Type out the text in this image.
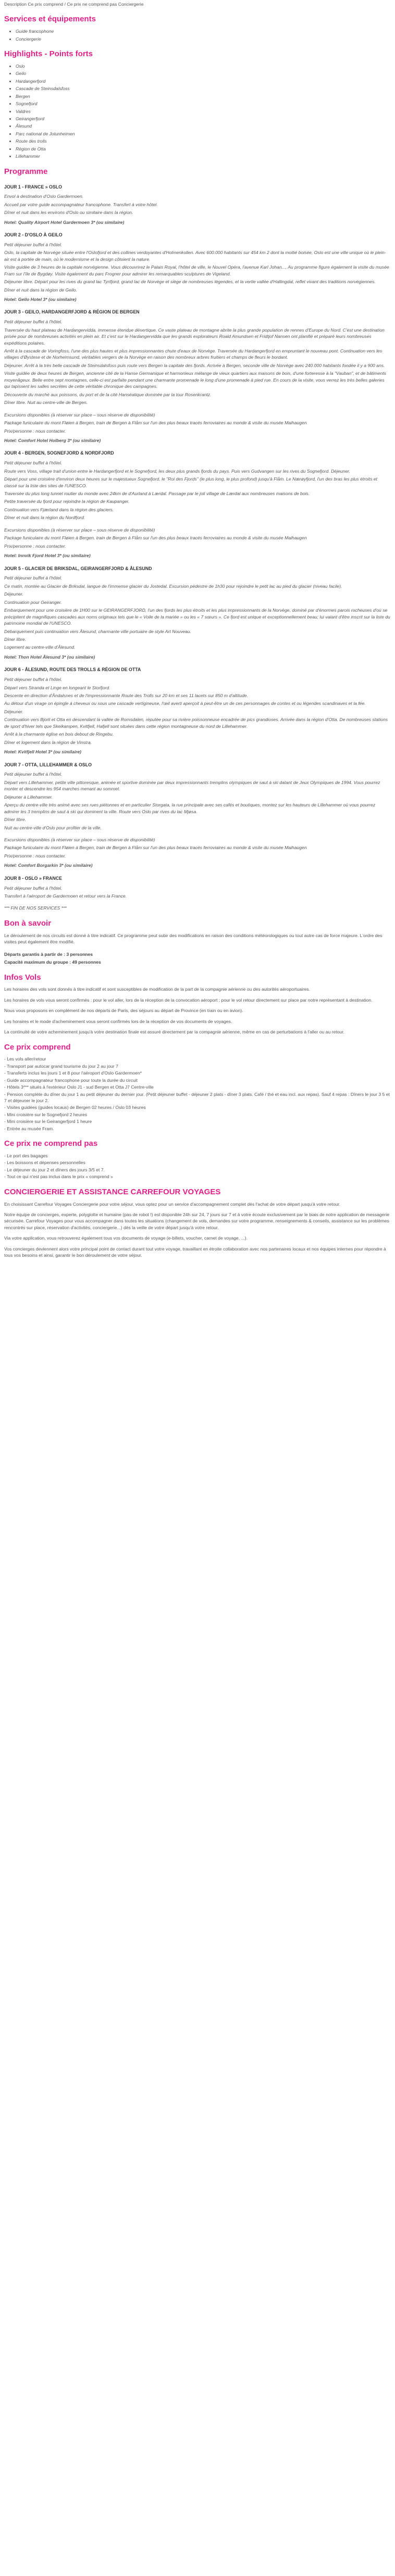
Description Ce prix comprend / Ce prix ne comprend pas Conciergerie
Services et équipements
• Guide francophone
• Conciergerie
Highlights - Points forts
• Oslo
• Geilo
• Hardangerfjord
• Cascade de Steinsdalsfoss
• Bergen
• Sognefjord
• Valdres
• Geirangerfjord
• Ålesund
• Parc national de Jotunheimen
• Route des trolls
• Région de Otta
• Lillehammer
Programme
JOUR 1 - FRANCE » OSLO

Envol à destination d'Oslo Gardermoen.

Accueil par votre guide accompagnateur francophone. Transfert à votre hôtel.

Dîner et nuit dans les environs d'Oslo ou similaire dans la région.

Hotel: Quality Airport Hotel Gardermoen 3* (ou similaire)

JOUR 2 - D'OSLO À GEILO

Petit déjeuner buffet à l'hôtel.

Oslo, la capitale de Norvège située entre l'Oslofjord et des collines verdoyantes d'Holmenkollen. Avec 600.000 habitants sur 454 km 2 dont la moitié boisée, Oslo est une ville unique où le plein-air est à portée de main, où le modernisme et la design côtoient la nature.

Visite guidée de 3 heures de la capitale norvégienne. Vous découvrirez le Palais Royal, l'hôtel de ville, le Nouvel Opéra, l'avenue Karl Johan..., Au programme figure également la visite du musée Fram sur l'île de Bygdøy. Visite également du parc Frogner pour admirer les remarquables sculptures de Vigeland.

Déjeuner libre. Départ pour les rives du grand lac Tyrifjord, grand lac de Norvège et siège de nombreuses légendes, et la vertie vallée d'Hallingdal, reflet vivant des traditions norvégiennes.

Dîner et nuit dans la région de Geilo.

Hotel: Geilo Hotel 3* (ou similaire)

JOUR 3 - GEILO, HARDANGERFJORD & RÉGION DE BERGEN

Petit déjeuner buffet à l'hôtel.

Traversée du haut plateau de Hardangervidda, immense étendue désertique. Ce vaste plateau de montagne abrite la plus grande population de rennes d'Europe du Nord. C'est une destination prisée pour de nombreuses activités en plein air. Et c'est sur le Hardangervidda que les grands explorateurs Roald Amundsen et Fridtjof Nansen ont planifié et préparé leurs nombreuses expéditions polaires.

Arrêt à la cascade de Voringfoss, l'une des plus hautes et plus impressionnantes chute d'eaux de Norvège. Traversée du Hardangerfjord en empruntant le nouveau pont. Continuation vers les villages d'Øystese et de Norheimsund, véritables vergers de la Norvège en raison des nombreux arbres fruitiers et champs de fleurs le bordant.

Déjeuner. Arrêt à la très belle cascade de Steinsdalsfoss puis route vers Bergen la capitale des fjords. Arrivée à Bergen, seconde ville de Norvège avec 240.000 habitants fondée il y a 900 ans.

Visite guidée de deux heures de Bergen, ancienne cité de la Hanse Germanique et harmonieux mélange de vieux quartiers aux maisons de bois, d'une forteresse à la "Vauban", et de bâtiments moyenâgeux. Belle entre sept montagnes, celle-ci est parfaite pendant une charmante promenade le long d'une promenade à pied rue. En cours de la visite, vous verrez les très belles galeries qui tapissent les salles secrètes de cette véritable chronique des campagnes.

Découverte du marché aux poissons, du port et de la cité Hanséatique dominée par la tour Rosenkrantz.

Dîner libre. Nuit au centre-ville de Bergen.

Excursions disponibles (à réserver sur place – sous réserve de disponibilité)

Package funiculaire du mont Fløien à Bergen, train de Bergen à Flåm sur l'un des plus beaux tracés ferroviaires au monde & visite du musée Maihaugen

Prix/personne : nous contacter.

Hotel: Comfort Hotel Holberg 3* (ou similaire)

JOUR 4 - BERGEN, SOGNEFJORD & NORDFJORD

Petit déjeuner buffet à l'hôtel.

Route vers Voss, village trait d'union entre le Hardangerfjord et le Sognefjord, les deux plus grands fjords du pays. Puis vers Gudvangen sur les rives du Sognefjord. Déjeuner.

Départ pour une croisière d'environ deux heures sur le majestueux Sognefjord, le "Roi des Fjords" (le plus long, le plus profond) jusqu'à Flåm. Le Nærøyfjord, l'un des bras les plus étroits et classé sur la liste des sites de l'UNESCO.

Traversée du plus long tunnel routier du monde avec 24km de d'Aurland à Lærdal. Passage par le joli village de Lærdal aux nombreuses maisons de bois.

Petite traversée du fjord pour rejoindre la région de Kaupanger.

Continuation vers Fjærland dans la région des glaciers.

Dîner et nuit dans la région du Nordfjord.

Excursions disponibles (à réserver sur place – sous réserve de disponibilité)

Package funiculaire du mont Fløien à Bergen, train de Bergen à Flåm sur l'un des plus beaux tracés ferroviaires au monde & visite du musée Maihaugen

Prix/personne : nous contacter.

Hotel: Innvik Fjord Hotel 3* (ou similaire)

JOUR 5 - GLACIER DE BRIKSDAL, GEIRANGERFJORD & ÅLESUND

Petit déjeuner buffet à l'hôtel.

Ce matin, montée au Glacier de Briksdal, langue de l'immense glacier du Jostedal. Excursion pédestre de 1h30 pour rejoindre le petit lac au pied du glacier (niveau facile).

Déjeuner.

Continuation pour Geiranger.

Embarquement pour une croisière de 1H00 sur le GEIRANGERFJORD, l'un des fjords les plus étroits et les plus impressionnants de la Norvège, dominé par d'énormes parois rocheuses d'où se précipitent de magnifiques cascades aux noms originaux tels que le « Voile de la mariée » ou les « 7 sœurs ». Ce fjord est unique et exceptionnellement beau; lui valant d'être inscrit sur la liste du patrimoine mondial de l'UNESCO.

Débarquement puis continuation vers Ålesund, charmante ville portuaire de style Art Nouveau.

Dîner libre.

Logement au centre-ville d'Ålesund.

Hotel: Thon Hotel Ålesund 3* (ou similaire)

JOUR 6 - ÅLESUND, ROUTE DES TROLLS & RÉGION DE OTTA

Petit déjeuner buffet à l'hôtel.

Départ vers Stranda et Linge en longeant le Storfjord.

Descente en direction d'Åndalsnes et de l'impressionnante Route des Trolls sur 20 km et ses 11 lacets sur 850 m d'altitude.

Au détour d'un virage on épingle à cheveux ou sous une cascade vertigineuse, l'œil averti aperçoit à peut-être un de ces personnages de contes et ou légendes scandinaves et la fée.

Déjeuner.

Continuation vers Bjorli et Otta en descendant la vallée de Romsdalen, réputée pour sa rivière poissonneuse encadrée de pics grandioses. Arrivée dans la région d'Otta. De nombreuses stations de sport d'hiver tels que Skeikampen, Kvitfjell, Hafjell sont situées dans cette région montagneuse du nord de Lillehammer.

Arrêt à la charmante église en bois debout de Ringebu.

Dîner et logement dans la région de Vinstra.

Hotel: Kvitfjell Hotel 3* (ou similaire)

JOUR 7 - OTTA, LILLEHAMMER & OSLO

Petit déjeuner buffet à l'hôtel.

Départ vers Lillehammer, petite ville pittoresque, animée et sportive dominée par deux impressionnants tremplins olympiques de saut à ski datant de Jeux Olympiques de 1994. Vous pourrez monter et descendre les 954 marches menant au sommet.

Déjeuner à Lillehammer.

Aperçu du centre-ville très animé avec ses rues piétonnes et en particulier Storgata, la rue principale avec ses cafés et boutiques, montez sur les hauteurs de Lillehammer où vous pourrez admirer les 3 tremplins de saut à ski qui dominent la ville. Route vers Oslo par rives du lac Mjøsa.

Dîner libre.

Nuit au centre-ville d'Oslo pour profiter de la ville.

Excursions disponibles (à réserver sur place – sous réserve de disponibilité)

Package funiculaire du mont Fløien à Bergen, train de Bergen à Flåm sur l'un des plus beaux tracés ferroviaires au monde & visite du musée Maihaugen

Prix/personne : nous contacter.

Hotel: Comfort Borgarkin 3* (ou similaire)

JOUR 8 - OSLO » FRANCE

Petit déjeuner buffet à l'hôtel.

Transfert à l'aéroport de Gardermoen et retour vers la France.

*** FIN DE NOS SERVICES ***

Bon à savoir

Le déroulement de nos circuits est donné à titre indicatif. Ce programme peut subir des modifications en raison des conditions météorologiques ou tout autre cas de force majeure. L'ordre des visites peut également être modifié.

Départs garantis à partir de : 3 personnes

Capacité maximum du groupe : 49 personnes

Infos Vols

Les horaires des vols sont donnés à titre indicatif et sont susceptibles de modification de la part de la compagnie aérienne ou des autorités aéroportuaires.

Les horaires de vols vous seront confirmés : pour le vol aller, lors de la réception de la convocation aéroport ; pour le vol retour directement sur place par notre représentant à destination.

Nous vous proposons en complément de nos départs de Paris, des séjours au départ de Province (en train ou en avion).

Les horaires et le mode d'acheminement vous seront confirmés lors de la réception de vos documents de voyages.

La continuité de votre acheminement jusqu'à votre destination finale est assuré directement par la compagnie aérienne, même en cas de perturbations à l'aller ou au retour.

Ce prix comprend
- Les vols aller/retour
- Transport par autocar grand tourisme du jour 2 au jour 7
- Transferts inclus les jours 1 et 8 pour l'aéroport d'Oslo Gardermoen*
- Guide accompagnateur francophone pour toute la durée du circuit
- Hôtels 3*** situés à l'extérieur Oslo J1 - sud Bergen et Otta J7 Centre-ville
- Pension complète du dîner du jour 1 au petit déjeuner du dernier jour. (Petit déjeuner buffet - déjeuner 2 plats - dîner 3 plats. Café / thé et eau incl. aux repas). Sauf 4 repas : Dîners le jour 3 5 et 7 et déjeuner le jour 2.
- Visites guidées (guides locaux) de Bergen 02 heures / Oslo 03 heures
- Mini croisière sur le Sognefjord 2 heures
- Mini croisière sur le Geirangerfjord 1 heure
- Entrée au musée Fram.
Ce prix ne comprend pas
- Le port des bagages
- Les boissons et dépenses personnelles
- Le déjeuner du jour 2 et dîners des jours 3/5 et 7.
- Tout ce qui n'est pas inclus dans le prix « comprend »
CONCIERGERIE ET ASSISTANCE CARREFOUR VOYAGES

En choisissant Carrefour Voyages Conciergerie pour votre séjour, vous optez pour un service d'accompagnement complet dès l'achat de votre départ jusqu'à votre retour.

Notre équipe de concierges, experte, polyglotte et humaine (pas de robot !) est disponible 24h sur 24, 7 jours sur 7 et à votre écoute exclusivement par le biais de notre application de messagerie sécurisée. Carrefour Voyages pour vous accompagner dans toutes les situations (changement de vols, demandes sur votre programme, renseignements & conseils, assistance sur les problèmes rencontrés sur place, réservation d'activités, conciergerie...) dès la veille de votre départ jusqu'à votre retour.

Via votre application, vous retrouverez également tous vos documents de voyage (e-billets, voucher, carnet de voyage, ...).

Vos concierges deviennent alors votre principal point de contact durant tout votre voyage, travaillant en étroite collaboration avec nos partenaires locaux et nos équipes internes pour répondre à tous vos besoins et ainsi, garantir le bon déroulement de votre séjour.
